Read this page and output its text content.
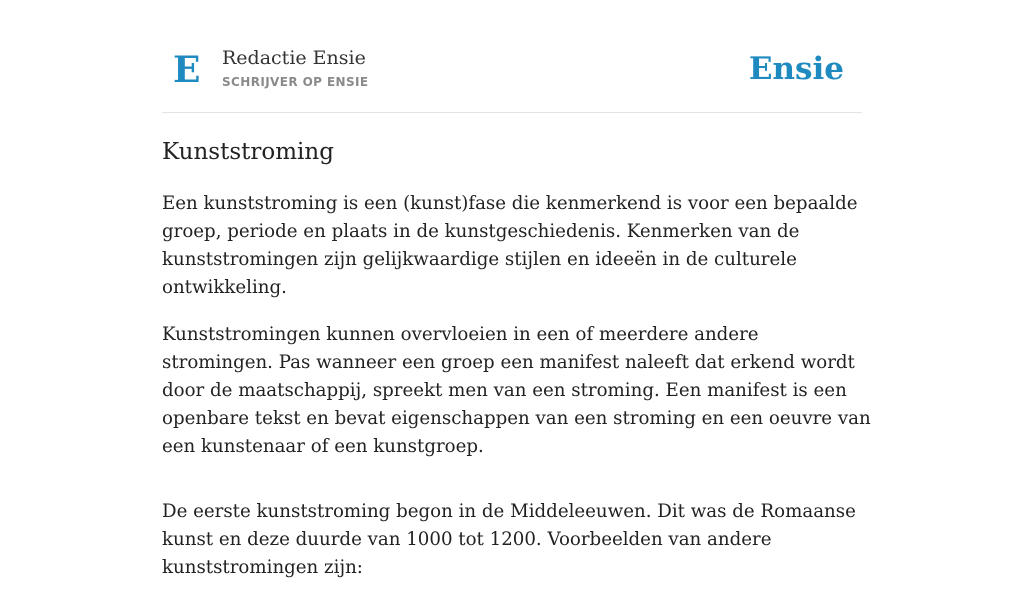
E Redactie Ensie
SCHRIJVER OP ENSIE	Ensie
Kunststroming

Een kunststroming is een (kunst)fase die kenmerkend is voor een bepaalde groep, periode en plaats in de kunstgeschiedenis. Kenmerken van de kunststromingen zijn gelijkwaardige stijlen en ideeën in de culturele ontwikkeling.

Kunststromingen kunnen overvloeien in een of meerdere andere stromingen. Pas wanneer een groep een manifest naleeft dat erkend wordt door de maatschappij, spreekt men van een stroming. Een manifest is een openbare tekst en bevat eigenschappen van een stroming en een oeuvre van een kunstenaar of een kunstgroep.

De eerste kunststroming begon in de Middeleeuwen. Dit was de Romaanse kunst en deze duurde van 1000 tot 1200. Voorbeelden van andere kunststromingen zijn:
